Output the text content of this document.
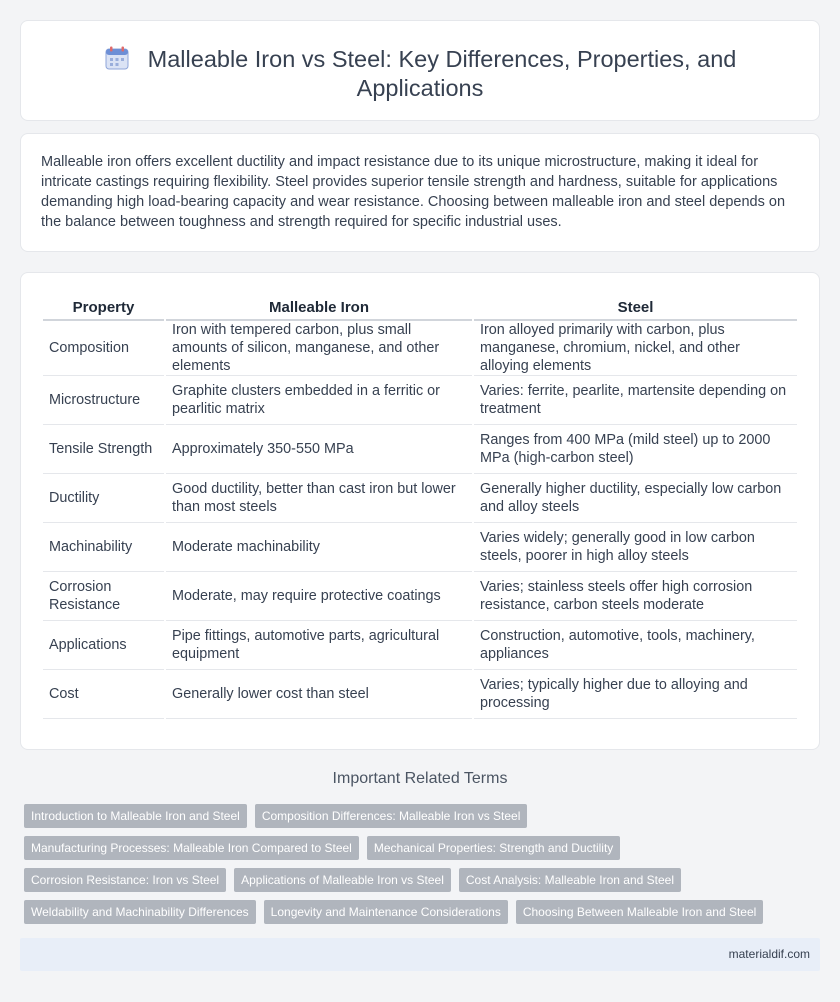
Malleable Iron vs Steel: Key Differences, Properties, and Applications

Malleable iron offers excellent ductility and impact resistance due to its unique microstructure, making it ideal for intricate castings requiring flexibility. Steel provides superior tensile strength and hardness, suitable for applications demanding high load-bearing capacity and wear resistance. Choosing between malleable iron and steel depends on the balance between toughness and strength required for specific industrial uses.

Property	Malleable Iron	Steel
Composition	Iron with tempered carbon, plus small amounts of silicon, manganese, and other elements	Iron alloyed primarily with carbon, plus manganese, chromium, nickel, and other alloying elements
Microstructure	Graphite clusters embedded in a ferritic or pearlitic matrix	Varies: ferrite, pearlite, martensite depending on treatment
Tensile Strength	Approximately 350-550 MPa	Ranges from 400 MPa (mild steel) up to 2000 MPa (high-carbon steel)
Ductility	Good ductility, better than cast iron but lower than most steels	Generally higher ductility, especially low carbon and alloy steels
Machinability	Moderate machinability	Varies widely; generally good in low carbon steels, poorer in high alloy steels
Corrosion Resistance	Moderate, may require protective coatings	Varies; stainless steels offer high corrosion resistance, carbon steels moderate
Applications	Pipe fittings, automotive parts, agricultural equipment	Construction, automotive, tools, machinery, appliances
Cost	Generally lower cost than steel	Varies; typically higher due to alloying and processing
Important Related Terms
Introduction to Malleable Iron and Steel	Composition Differences: Malleable Iron vs Steel
Manufacturing Processes: Malleable Iron Compared to Steel	Mechanical Properties: Strength and Ductility
Corrosion Resistance: Iron vs Steel	Applications of Malleable Iron vs Steel	Cost Analysis: Malleable Iron and Steel
Weldability and Machinability Differences	Longevity and Maintenance Considerations	Choosing Between Malleable Iron and Steel
materialdif.com
